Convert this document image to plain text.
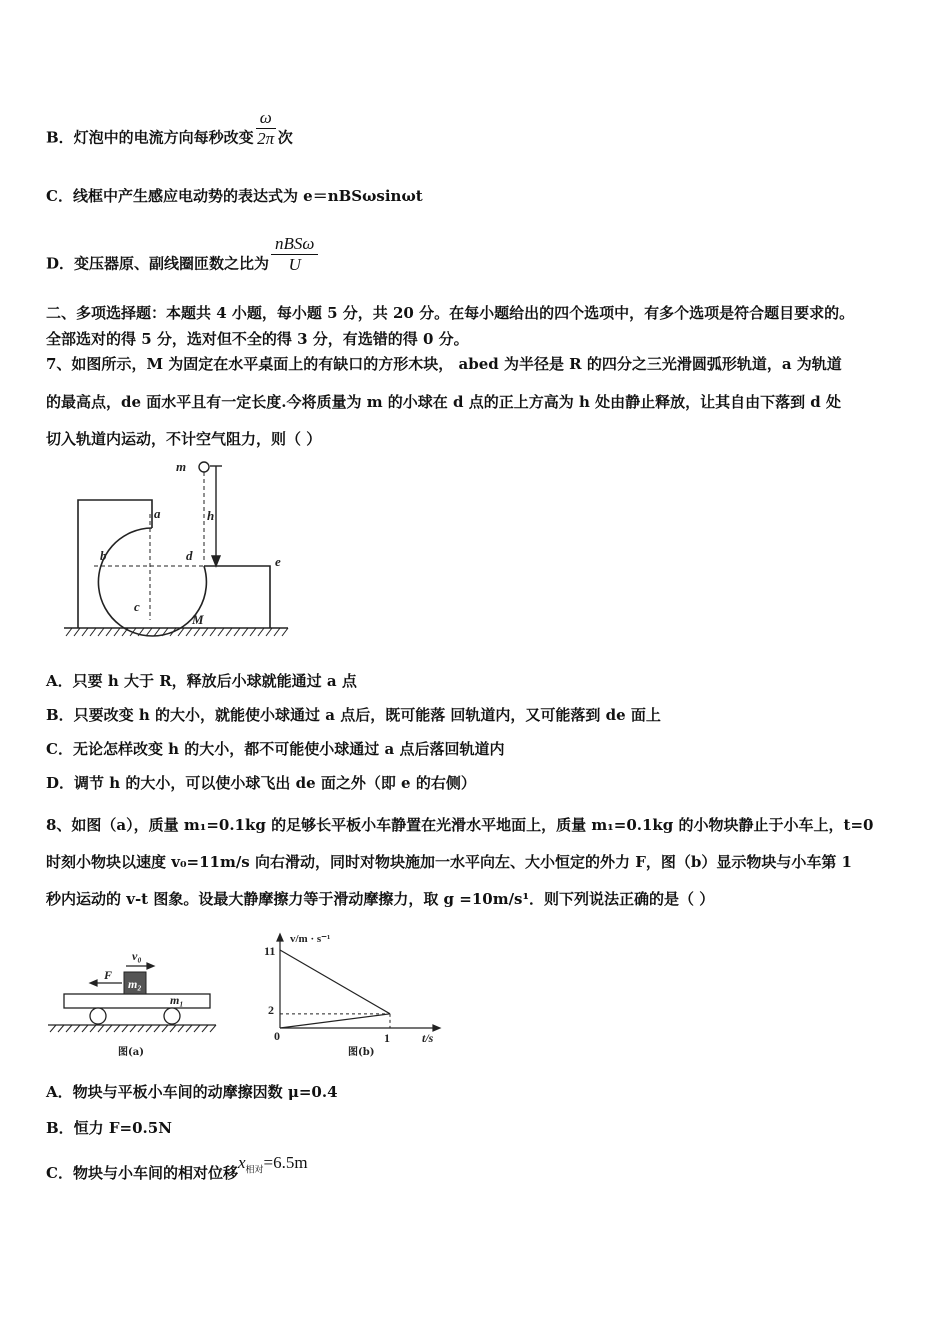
B．灯泡中的电流方向每秒改变 $\frac{\omega}{2\pi}$ 次
C．线框中产生感应电动势的表达式为 e＝nBSωsinωt
D．变压器原、副线圈匝数之比为 $\frac{\text{nBSω}}{U}$
二、多项选择题：本题共 4 小题，每小题 5 分，共 20 分。在每小题给出的四个选项中，有多个选项是符合题目要求的。
全部选对的得 5 分，选对但不全的得 3 分，有选错的得 0 分。
7、如图所示，M 为固定在水平桌面上的有缺口的方形木块， abed 为半径是 R 的四分之三光滑圆弧形轨道，a 为轨道
的最高点，de 面水平且有一定长度.今将质量为 m 的小球在 d 点的正上方高为 h 处由静止释放，让其自由下落到 d 处
切入轨道内运动，不计空气阻力，则（ ）
m
h
a
b
c
d	e
M
A．只要 h 大于 R，释放后小球就能通过 a 点
B．只要改变 h 的大小，就能使小球通过 a 点后，既可能落 回轨道内，又可能落到 de 面上
C．无论怎样改变 h 的大小，都不可能使小球通过 a 点后落回轨道内
D．调节 h 的大小，可以使小球飞出 de 面之外（即 e 的右侧）
8、如图（a），质量 m₁=0.1kg 的足够长平板小车静置在光滑水平地面上，质量 m₁=0.1kg 的小物块静止于小车上，t=0
时刻小物块以速度 v₀=11m/s 向右滑动，同时对物块施加一水平向左、大小恒定的外力 F，图（b）显示物块与小车第 1
秒内运动的 v-t 图象。设最大静摩擦力等于滑动摩擦力，取 g =10m/s¹．则下列说法正确的是（ ）
v₀
F
m₂
m₁
图(a)
v/m · s⁻¹
t/s
11
2
0	1
图(b)
A．物块与平板小车间的动摩擦因数 μ=0.4
B．恒力 F=0.5N
C．物块与小车间的相对位移$x_{相对}=6.5m$
